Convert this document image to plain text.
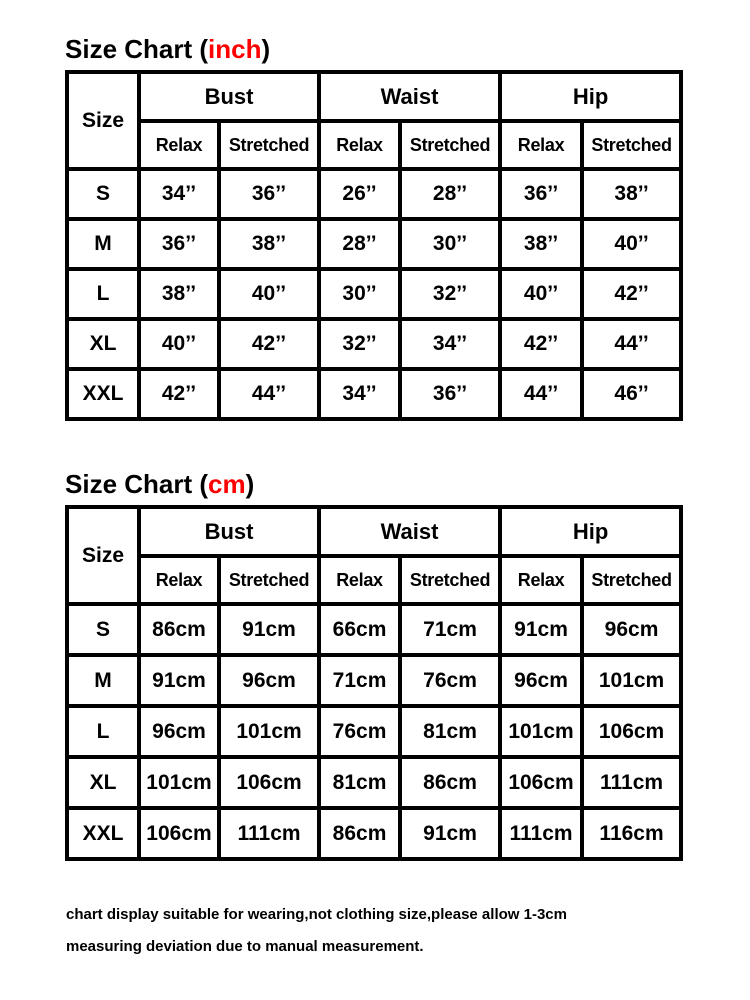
Size Chart (inch)
Size	Bust		Waist		Hip	
	Relax	Stretched	Relax	Stretched	Relax	Stretched
S	34’’	36’’	26’’	28’’	36’’	38’’
M	36’’	38’’	28’’	30’’	38’’	40’’
L	38’’	40’’	30’’	32’’	40’’	42’’
XL	40’’	42’’	32’’	34’’	42’’	44’’
XXL	42’’	44’’	34’’	36’’	44’’	46’’
Size Chart (cm)
Size	Bust		Waist		Hip	
	Relax	Stretched	Relax	Stretched	Relax	Stretched
S	86cm	91cm	66cm	71cm	91cm	96cm
M	91cm	96cm	71cm	76cm	96cm	101cm
L	96cm	101cm	76cm	81cm	101cm	106cm
XL	101cm	106cm	81cm	86cm	106cm	111cm
XXL	106cm	111cm	86cm	91cm	111cm	116cm
chart display suitable for wearing,not clothing size,please allow 1-3cm
measuring deviation due to manual measurement.
